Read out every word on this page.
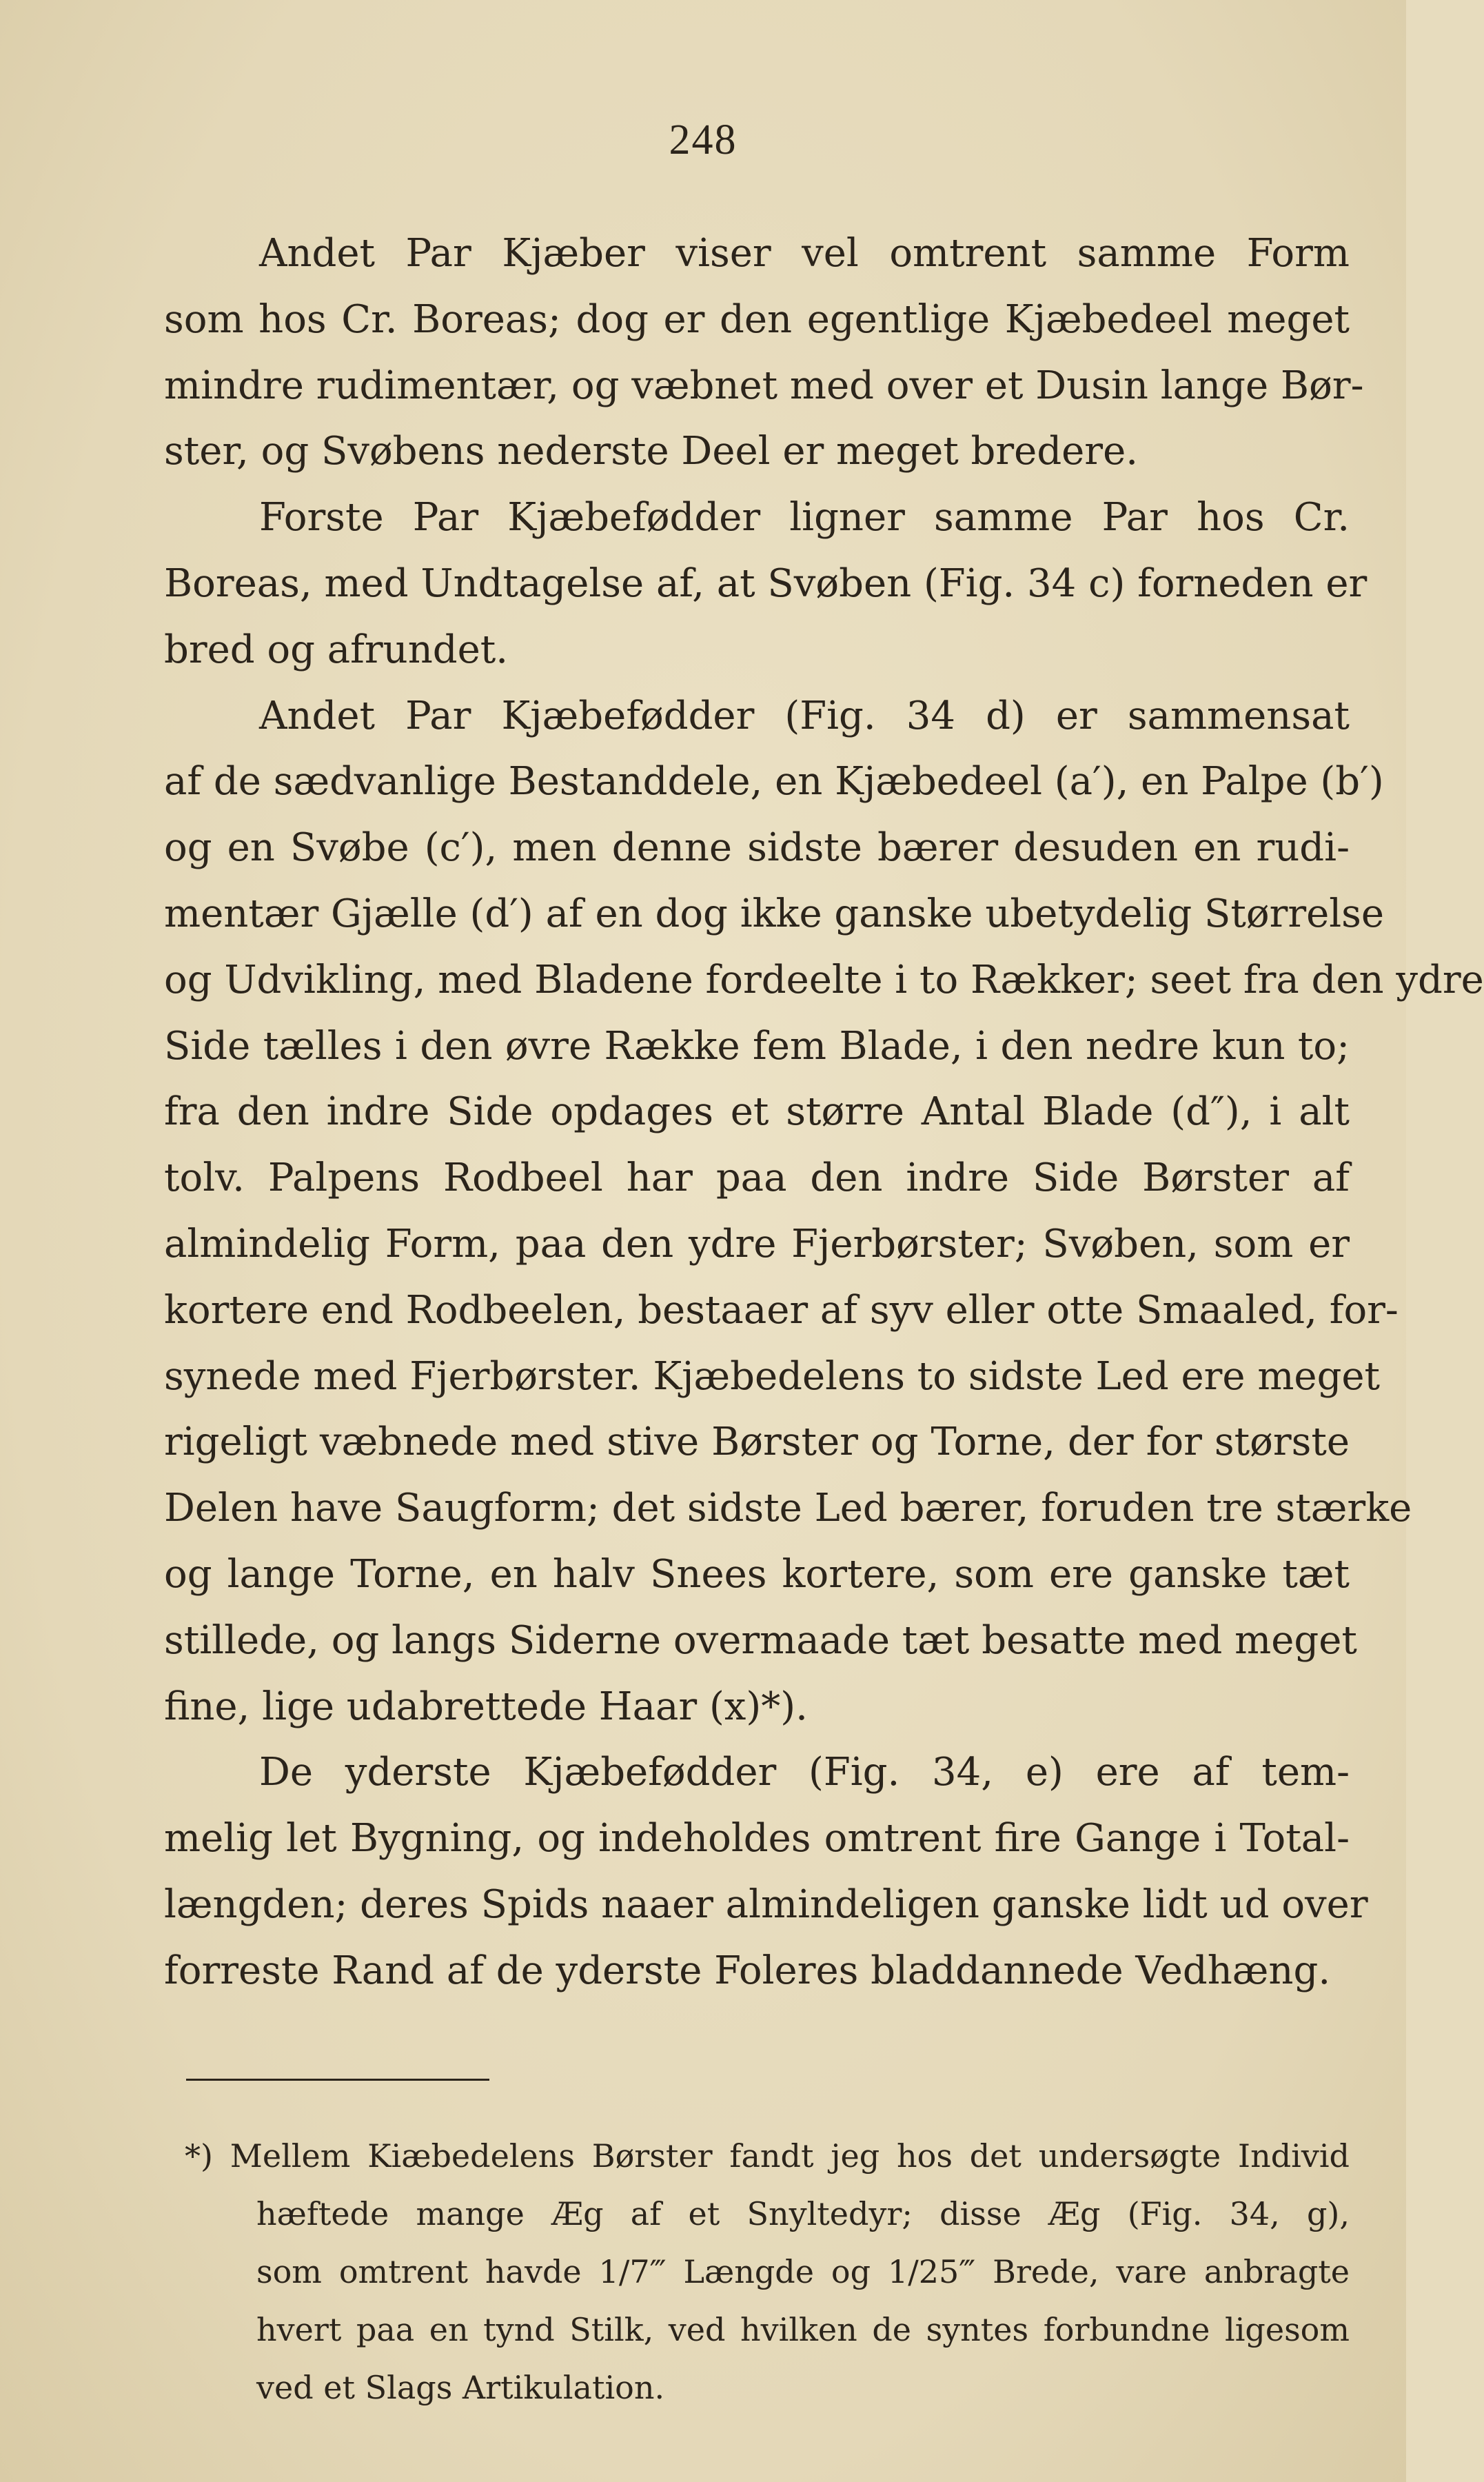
248
Andet Par Kjæber viser vel omtrent samme Form
som hos Cr. Boreas; dog er den egentlige Kjæbedeel meget
mindre rudimentær, og væbnet med over et Dusin lange Bør-
ster, og Svøbens nederste Deel er meget bredere.
Forste Par Kjæbefødder ligner samme Par hos Cr.
Boreas, med Undtagelse af, at Svøben (Fig. 34 c) forneden er
bred og afrundet.
Andet Par Kjæbefødder (Fig. 34 d) er sammensat
af de sædvanlige Bestanddele, en Kjæbedeel (a′), en Palpe (b′)
og en Svøbe (c′), men denne sidste bærer desuden en rudi-
mentær Gjælle (d′) af en dog ikke ganske ubetydelig Størrelse
og Udvikling, med Bladene fordeelte i to Rækker; seet fra den ydre
Side tælles i den øvre Række fem Blade, i den nedre kun to;
fra den indre Side opdages et større Antal Blade (d″), i alt
tolv. Palpens Rodbeel har paa den indre Side Børster af
almindelig Form, paa den ydre Fjerbørster; Svøben, som er
kortere end Rodbeelen, bestaaer af syv eller otte Smaaled, for-
synede med Fjerbørster. Kjæbedelens to sidste Led ere meget
rigeligt væbnede med stive Børster og Torne, der for største
Delen have Saugform; det sidste Led bærer, foruden tre stærke
og lange Torne, en halv Snees kortere, som ere ganske tæt
stillede, og langs Siderne overmaade tæt besatte med meget
fine, lige udabrettede Haar (x)*).
De yderste Kjæbefødder (Fig. 34, e) ere af tem-
melig let Bygning, og indeholdes omtrent fire Gange i Total-
længden; deres Spids naaer almindeligen ganske lidt ud over
forreste Rand af de yderste Foleres bladdannede Vedhæng.
*) Mellem Kiæbedelens Børster fandt jeg hos det undersøgte Individ
hæftede mange Æg af et Snyltedyr; disse Æg (Fig. 34, g),
som omtrent havde 1/7‴ Længde og 1/25‴ Brede, vare anbragte
hvert paa en tynd Stilk, ved hvilken de syntes forbundne ligesom
ved et Slags Artikulation.
